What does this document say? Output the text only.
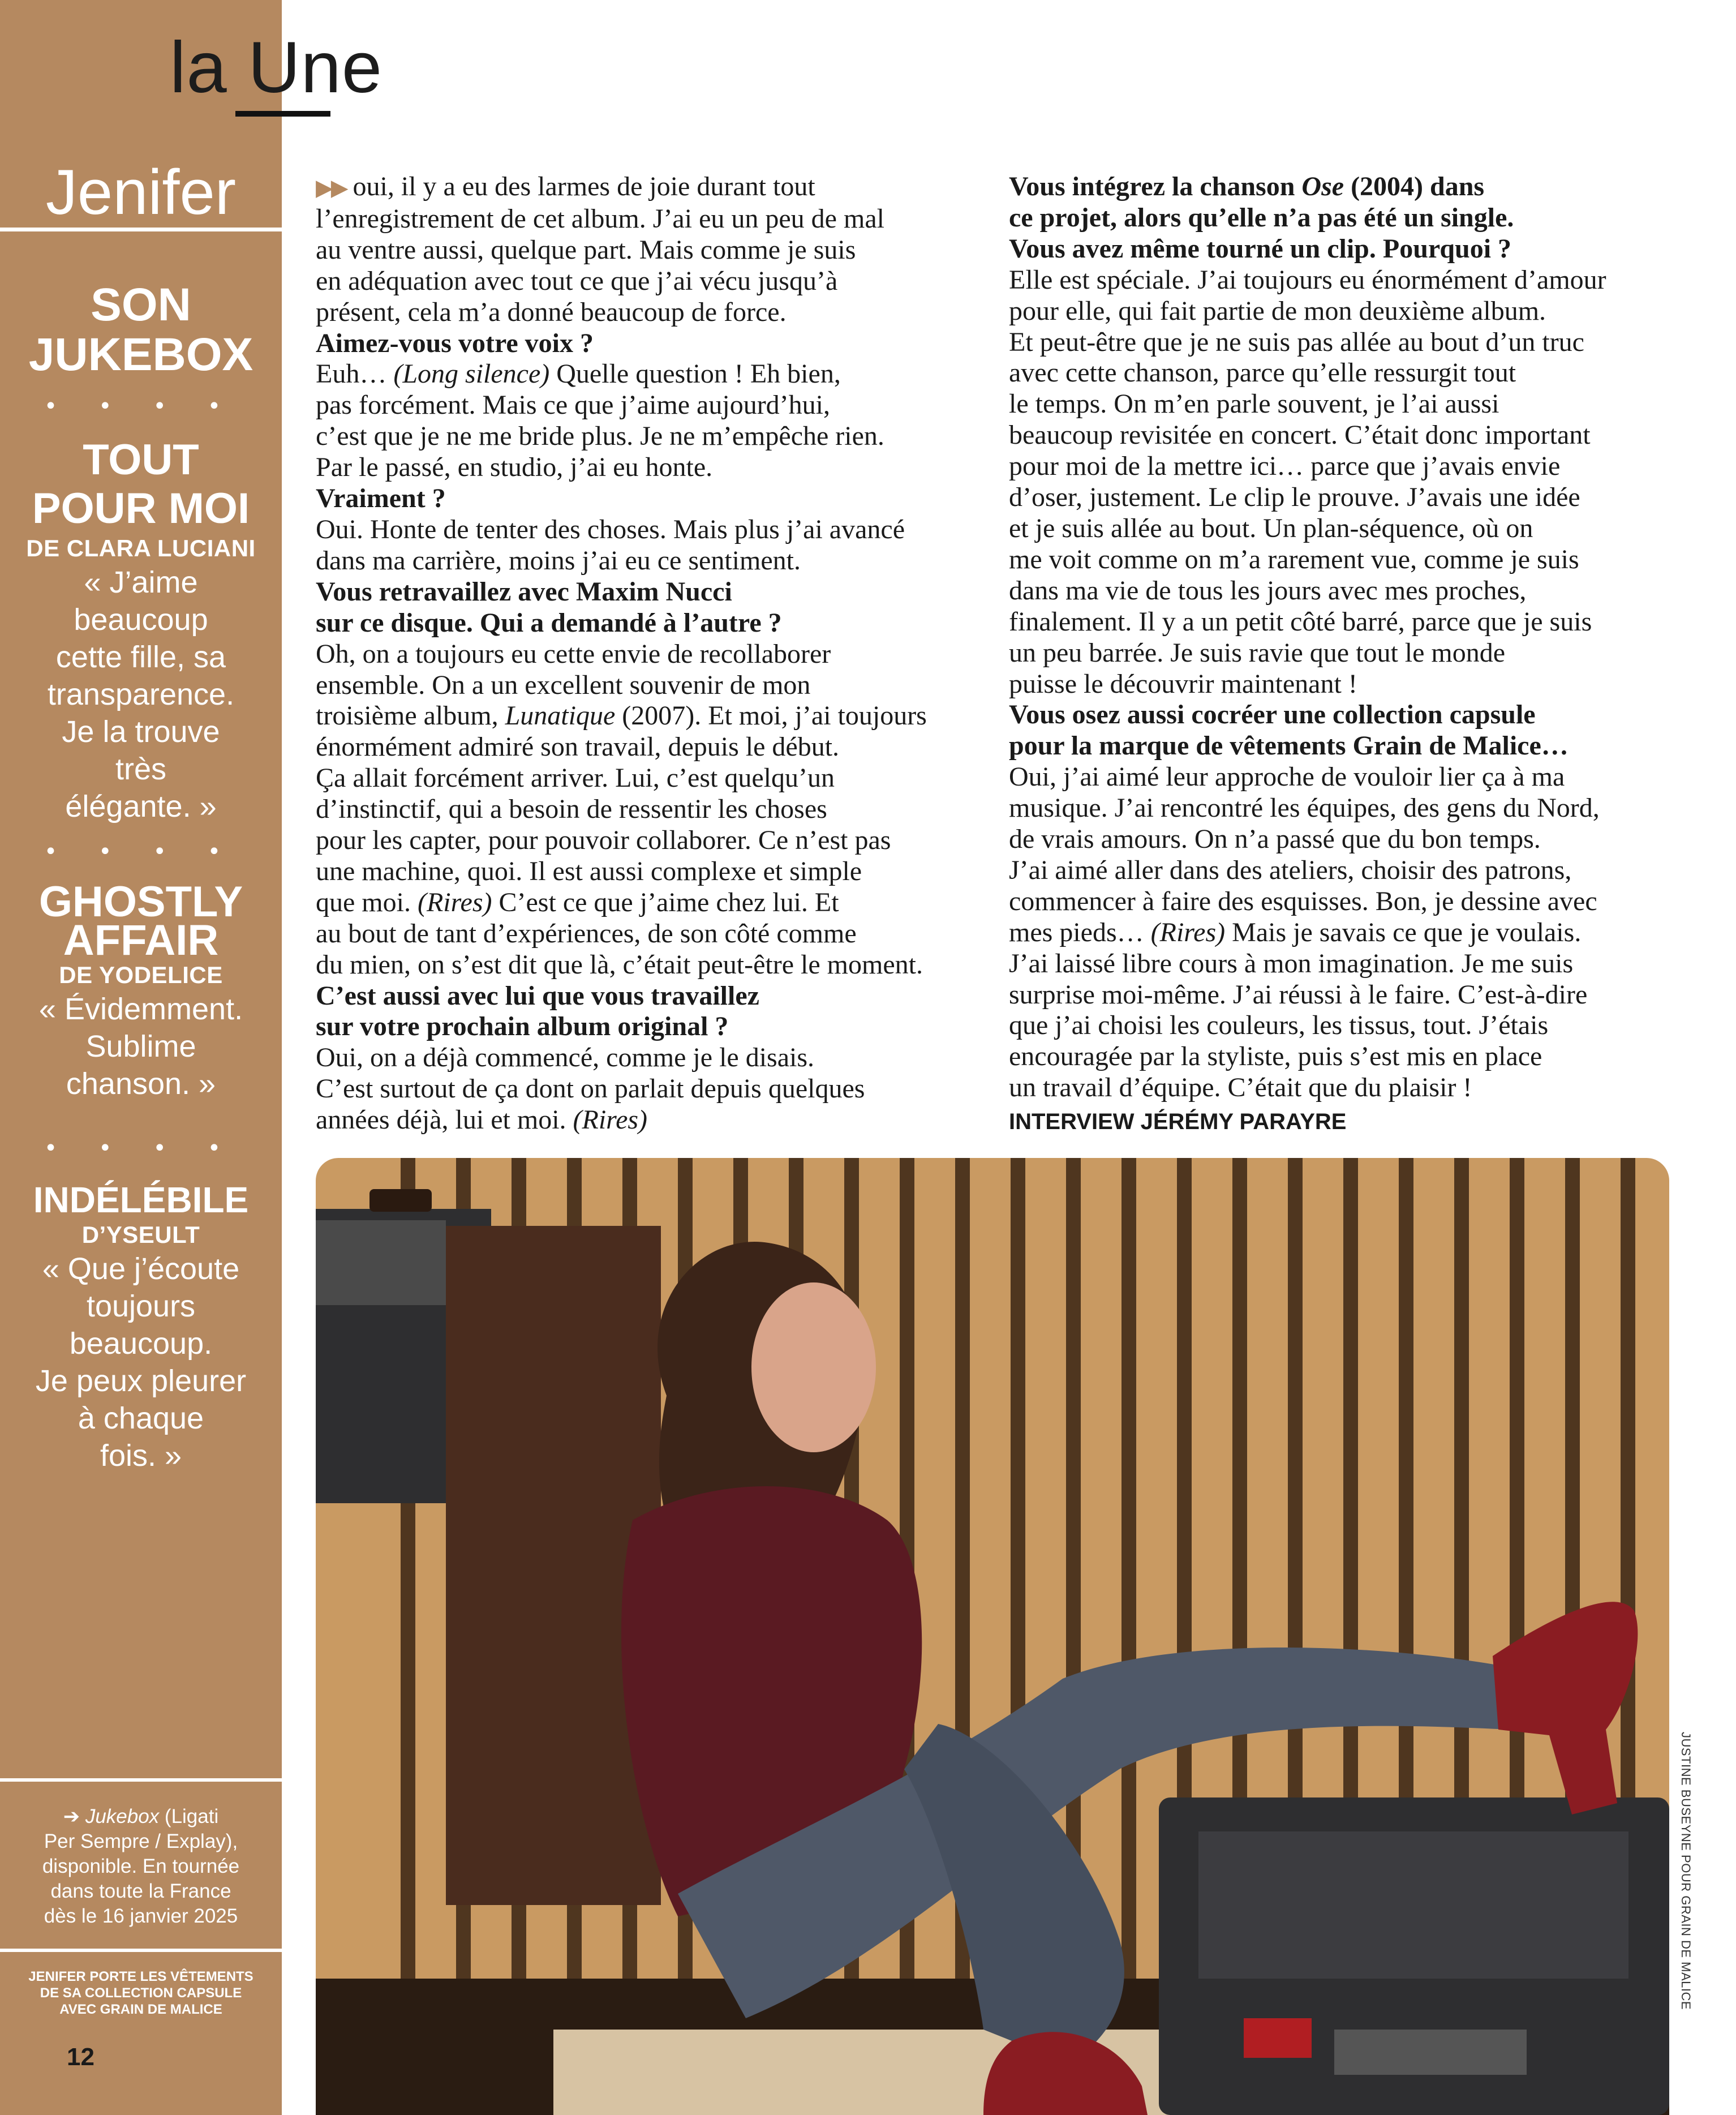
la Une
Jenifer
SON
JUKEBOX
• • • •
TOUT
POUR MOI
DE CLARA LUCIANI
« J’aime
beaucoup
cette fille, sa
transparence.
Je la trouve
très
élégante. »
• • • •
GHOSTLY
AFFAIR
DE YODELICE
« Évidemment.
Sublime
chanson. »
• • • •
INDÉLÉBILE
D’YSEULT
« Que j’écoute
toujours
beaucoup.
Je peux pleurer
à chaque
fois. »
➔ Jukebox (Ligati
Per Sempre / Explay),
disponible. En tournée
dans toute la France
dès le 16 janvier 2025
JENIFER PORTE LES VÊTEMENTS
DE SA COLLECTION CAPSULE
AVEC GRAIN DE MALICE
12

▶▶ oui, il y a eu des larmes de joie durant tout

l’enregistrement de cet album. J’ai eu un peu de mal

au ventre aussi, quelque part. Mais comme je suis

en adéquation avec tout ce que j’ai vécu jusqu’à

présent, cela m’a donné beaucoup de force.

Aimez-vous votre voix ?

Euh… (Long silence) Quelle question ! Eh bien,

pas forcément. Mais ce que j’aime aujourd’hui,

c’est que je ne me bride plus. Je ne m’empêche rien.

Par le passé, en studio, j’ai eu honte.

Vraiment ?

Oui. Honte de tenter des choses. Mais plus j’ai avancé

dans ma carrière, moins j’ai eu ce sentiment.

Vous retravaillez avec Maxim Nucci

sur ce disque. Qui a demandé à l’autre ?

Oh, on a toujours eu cette envie de recollaborer

ensemble. On a un excellent souvenir de mon

troisième album, Lunatique (2007). Et moi, j’ai toujours

énormément admiré son travail, depuis le début.

Ça allait forcément arriver. Lui, c’est quelqu’un

d’instinctif, qui a besoin de ressentir les choses

pour les capter, pour pouvoir collaborer. Ce n’est pas

une machine, quoi. Il est aussi complexe et simple

que moi. (Rires) C’est ce que j’aime chez lui. Et

au bout de tant d’expériences, de son côté comme

du mien, on s’est dit que là, c’était peut-être le moment.

C’est aussi avec lui que vous travaillez

sur votre prochain album original ?

Oui, on a déjà commencé, comme je le disais.

C’est surtout de ça dont on parlait depuis quelques

années déjà, lui et moi. (Rires)

Vous intégrez la chanson Ose (2004) dans

ce projet, alors qu’elle n’a pas été un single.

Vous avez même tourné un clip. Pourquoi ?

Elle est spéciale. J’ai toujours eu énormément d’amour

pour elle, qui fait partie de mon deuxième album.

Et peut-être que je ne suis pas allée au bout d’un truc

avec cette chanson, parce qu’elle ressurgit tout

le temps. On m’en parle souvent, je l’ai aussi

beaucoup revisitée en concert. C’était donc important

pour moi de la mettre ici… parce que j’avais envie

d’oser, justement. Le clip le prouve. J’avais une idée

et je suis allée au bout. Un plan-séquence, où on

me voit comme on m’a rarement vue, comme je suis

dans ma vie de tous les jours avec mes proches,

finalement. Il y a un petit côté barré, parce que je suis

un peu barrée. Je suis ravie que tout le monde

puisse le découvrir maintenant !

Vous osez aussi cocréer une collection capsule

pour la marque de vêtements Grain de Malice…

Oui, j’ai aimé leur approche de vouloir lier ça à ma

musique. J’ai rencontré les équipes, des gens du Nord,

de vrais amours. On n’a passé que du bon temps.

J’ai aimé aller dans des ateliers, choisir des patrons,

commencer à faire des esquisses. Bon, je dessine avec

mes pieds… (Rires) Mais je savais ce que je voulais.

J’ai laissé libre cours à mon imagination. Je me suis

surprise moi-même. J’ai réussi à le faire. C’est-à-dire

que j’ai choisi les couleurs, les tissus, tout. J’étais

encouragée par la styliste, puis s’est mis en place

un travail d’équipe. C’était que du plaisir !

INTERVIEW JÉRÉMY PARAYRE
JUSTINE BUSEYNE POUR GRAIN DE MALICE
